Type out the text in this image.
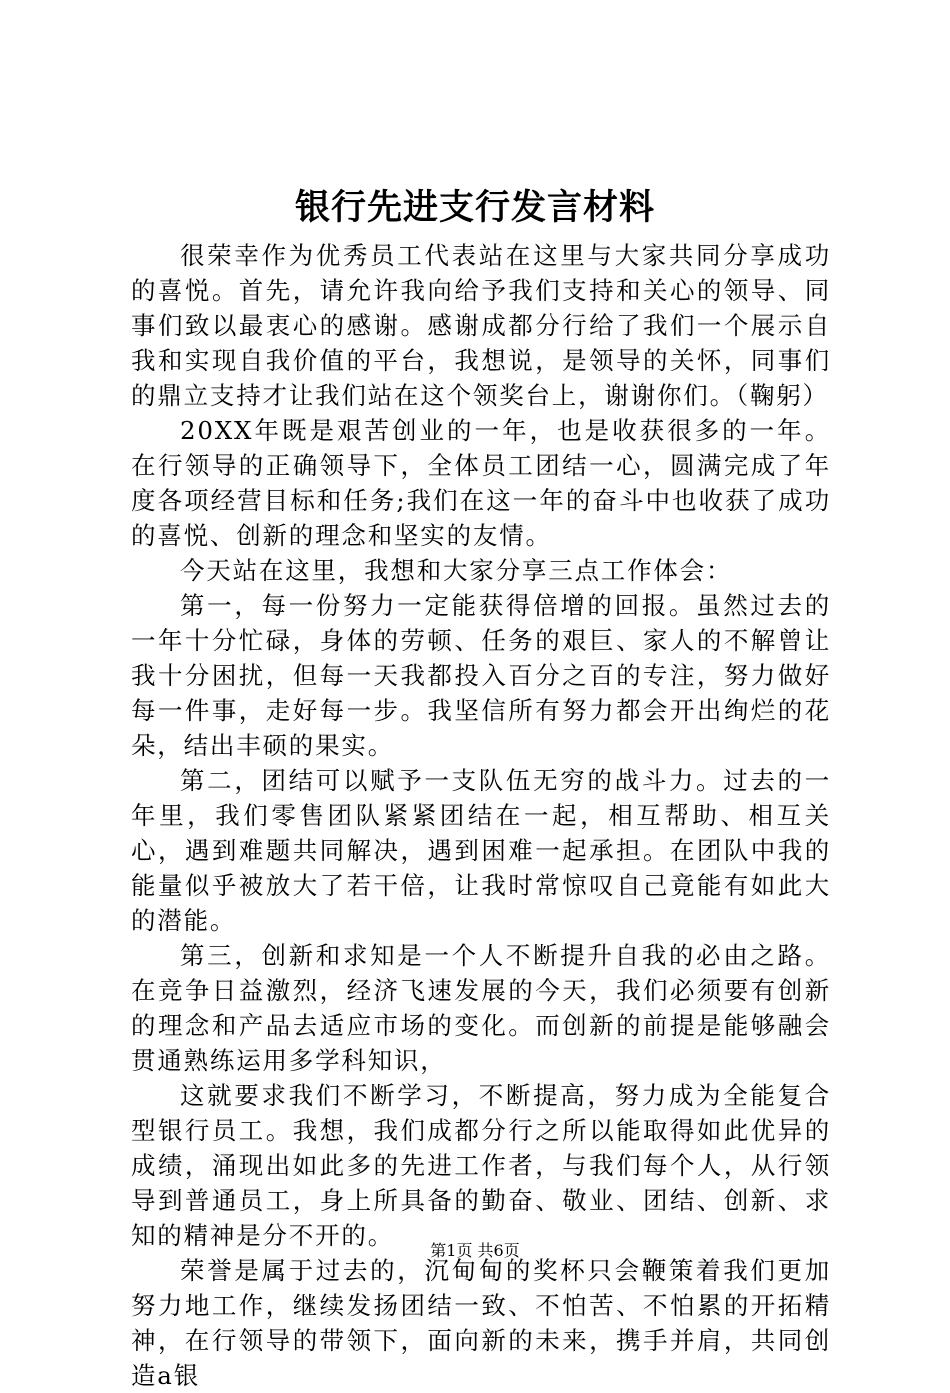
银行先进支行发言材料

很荣幸作为优秀员工代表站在这里与大家共同分享成功的喜悦。首先，请允许我向给予我们支持和关心的领导、同事们致以最衷心的感谢。感谢成都分行给了我们一个展示自我和实现自我价值的平台，我想说，是领导的关怀，同事们的鼎立支持才让我们站在这个领奖台上，谢谢你们。（鞠躬）

20XX年既是艰苦创业的一年，也是收获很多的一年。在行领导的正确领导下，全体员工团结一心，圆满完成了年度各项经营目标和任务;我们在这一年的奋斗中也收获了成功的喜悦、创新的理念和坚实的友情。

今天站在这里，我想和大家分享三点工作体会：

第一，每一份努力一定能获得倍增的回报。虽然过去的一年十分忙碌，身体的劳顿、任务的艰巨、家人的不解曾让我十分困扰，但每一天我都投入百分之百的专注，努力做好每一件事，走好每一步。我坚信所有努力都会开出绚烂的花朵，结出丰硕的果实。

第二，团结可以赋予一支队伍无穷的战斗力。过去的一年里，我们零售团队紧紧团结在一起，相互帮助、相互关心，遇到难题共同解决，遇到困难一起承担。在团队中我的能量似乎被放大了若干倍，让我时常惊叹自己竟能有如此大的潜能。

第三，创新和求知是一个人不断提升自我的必由之路。在竞争日益激烈，经济飞速发展的今天，我们必须要有创新的理念和产品去适应市场的变化。而创新的前提是能够融会贯通熟练运用多学科知识，

这就要求我们不断学习，不断提高，努力成为全能复合型银行员工。我想，我们成都分行之所以能取得如此优异的成绩，涌现出如此多的先进工作者，与我们每个人，从行领导到普通员工，身上所具备的勤奋、敬业、团结、创新、求知的精神是分不开的。

荣誉是属于过去的，沉甸甸的奖杯只会鞭策着我们更加努力地工作，继续发扬团结一致、不怕苦、不怕累的开拓精神，在行领导的带领下，面向新的未来，携手并肩，共同创造a银

第1页 共6页
